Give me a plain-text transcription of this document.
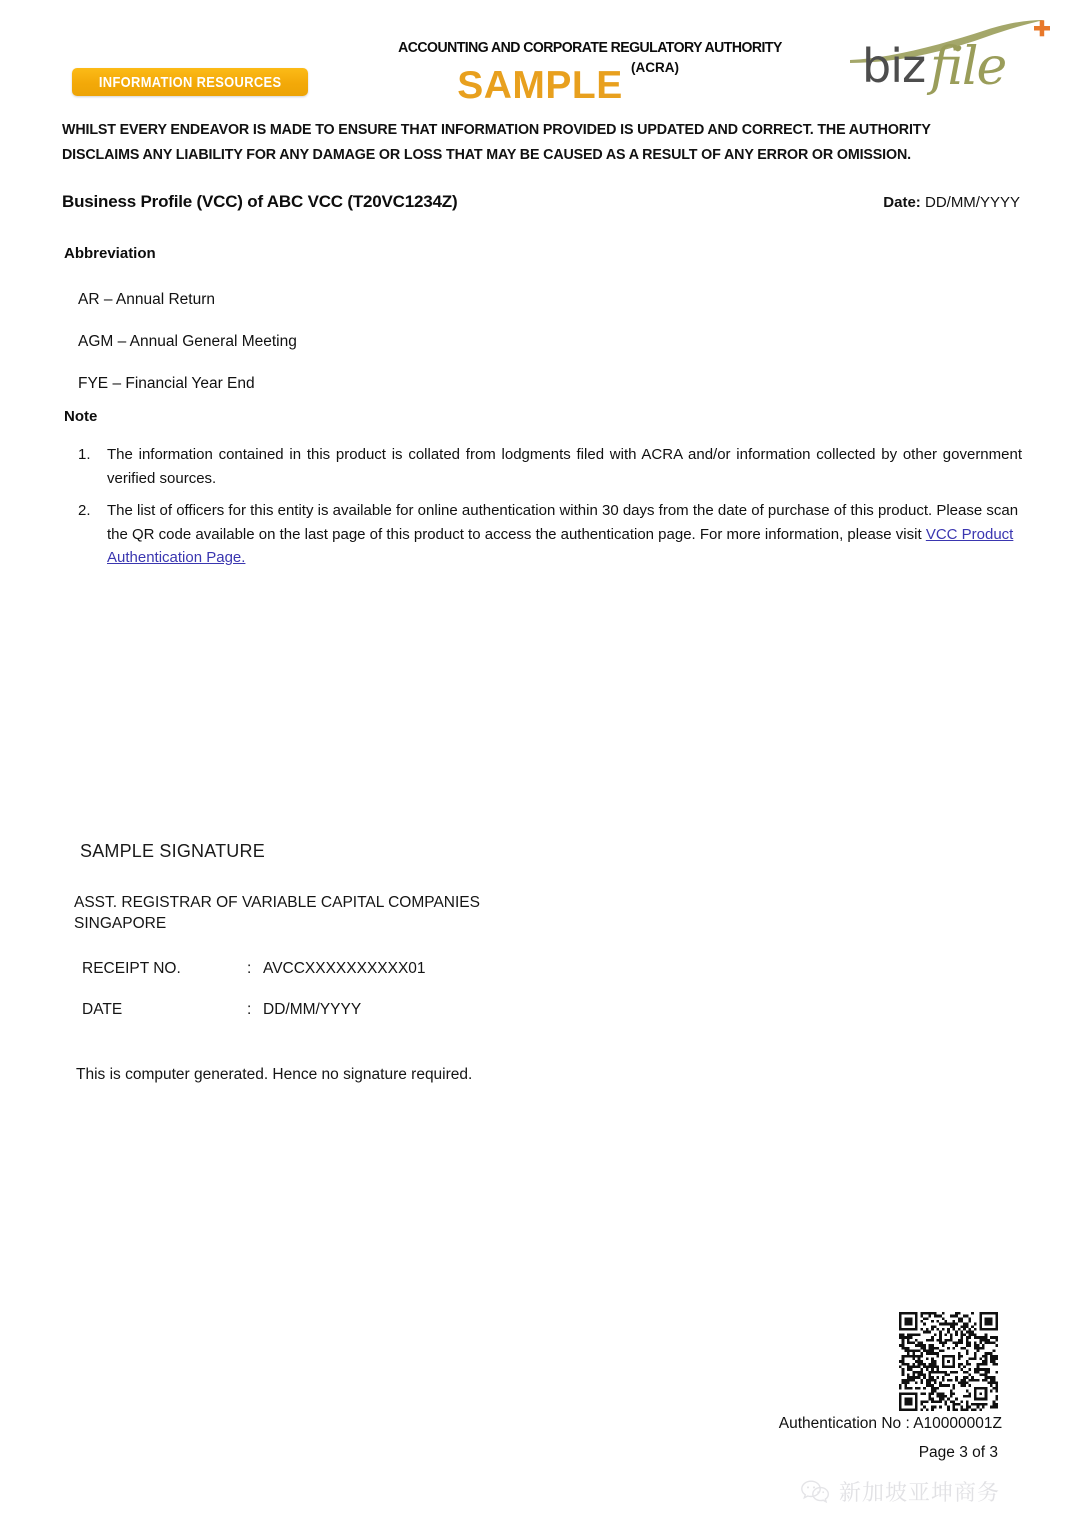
INFORMATION RESOURCES
ACCOUNTING AND CORPORATE REGULATORY AUTHORITY
(ACRA)
SAMPLE	biz file
WHILST EVERY ENDEAVOR IS MADE TO ENSURE THAT INFORMATION PROVIDED IS UPDATED AND CORRECT. THE AUTHORITY DISCLAIMS ANY LIABILITY FOR ANY DAMAGE OR LOSS THAT MAY BE CAUSED AS A RESULT OF ANY ERROR OR OMISSION.
Business Profile (VCC) of ABC VCC (T20VC1234Z)	Date: DD/MM/YYYY
Abbreviation
AR – Annual Return
AGM – Annual General Meeting
FYE – Financial Year End
Note
1.	The information contained in this product is collated from lodgments filed with ACRA and/or information collected by other government verified sources.
2.	The list of officers for this entity is available for online authentication within 30 days from the date of purchase of this product. Please scan the QR code available on the last page of this product to access the authentication page. For more information, please visit VCC Product Authentication Page.
SAMPLE SIGNATURE
ASST. REGISTRAR OF VARIABLE CAPITAL COMPANIES
SINGAPORE
RECEIPT NO.	: AVCCXXXXXXXXXX01
DATE	: DD/MM/YYYY
This is computer generated. Hence no signature required.
Authentication No : A10000001Z
Page 3 of 3
新加坡亚坤商务
